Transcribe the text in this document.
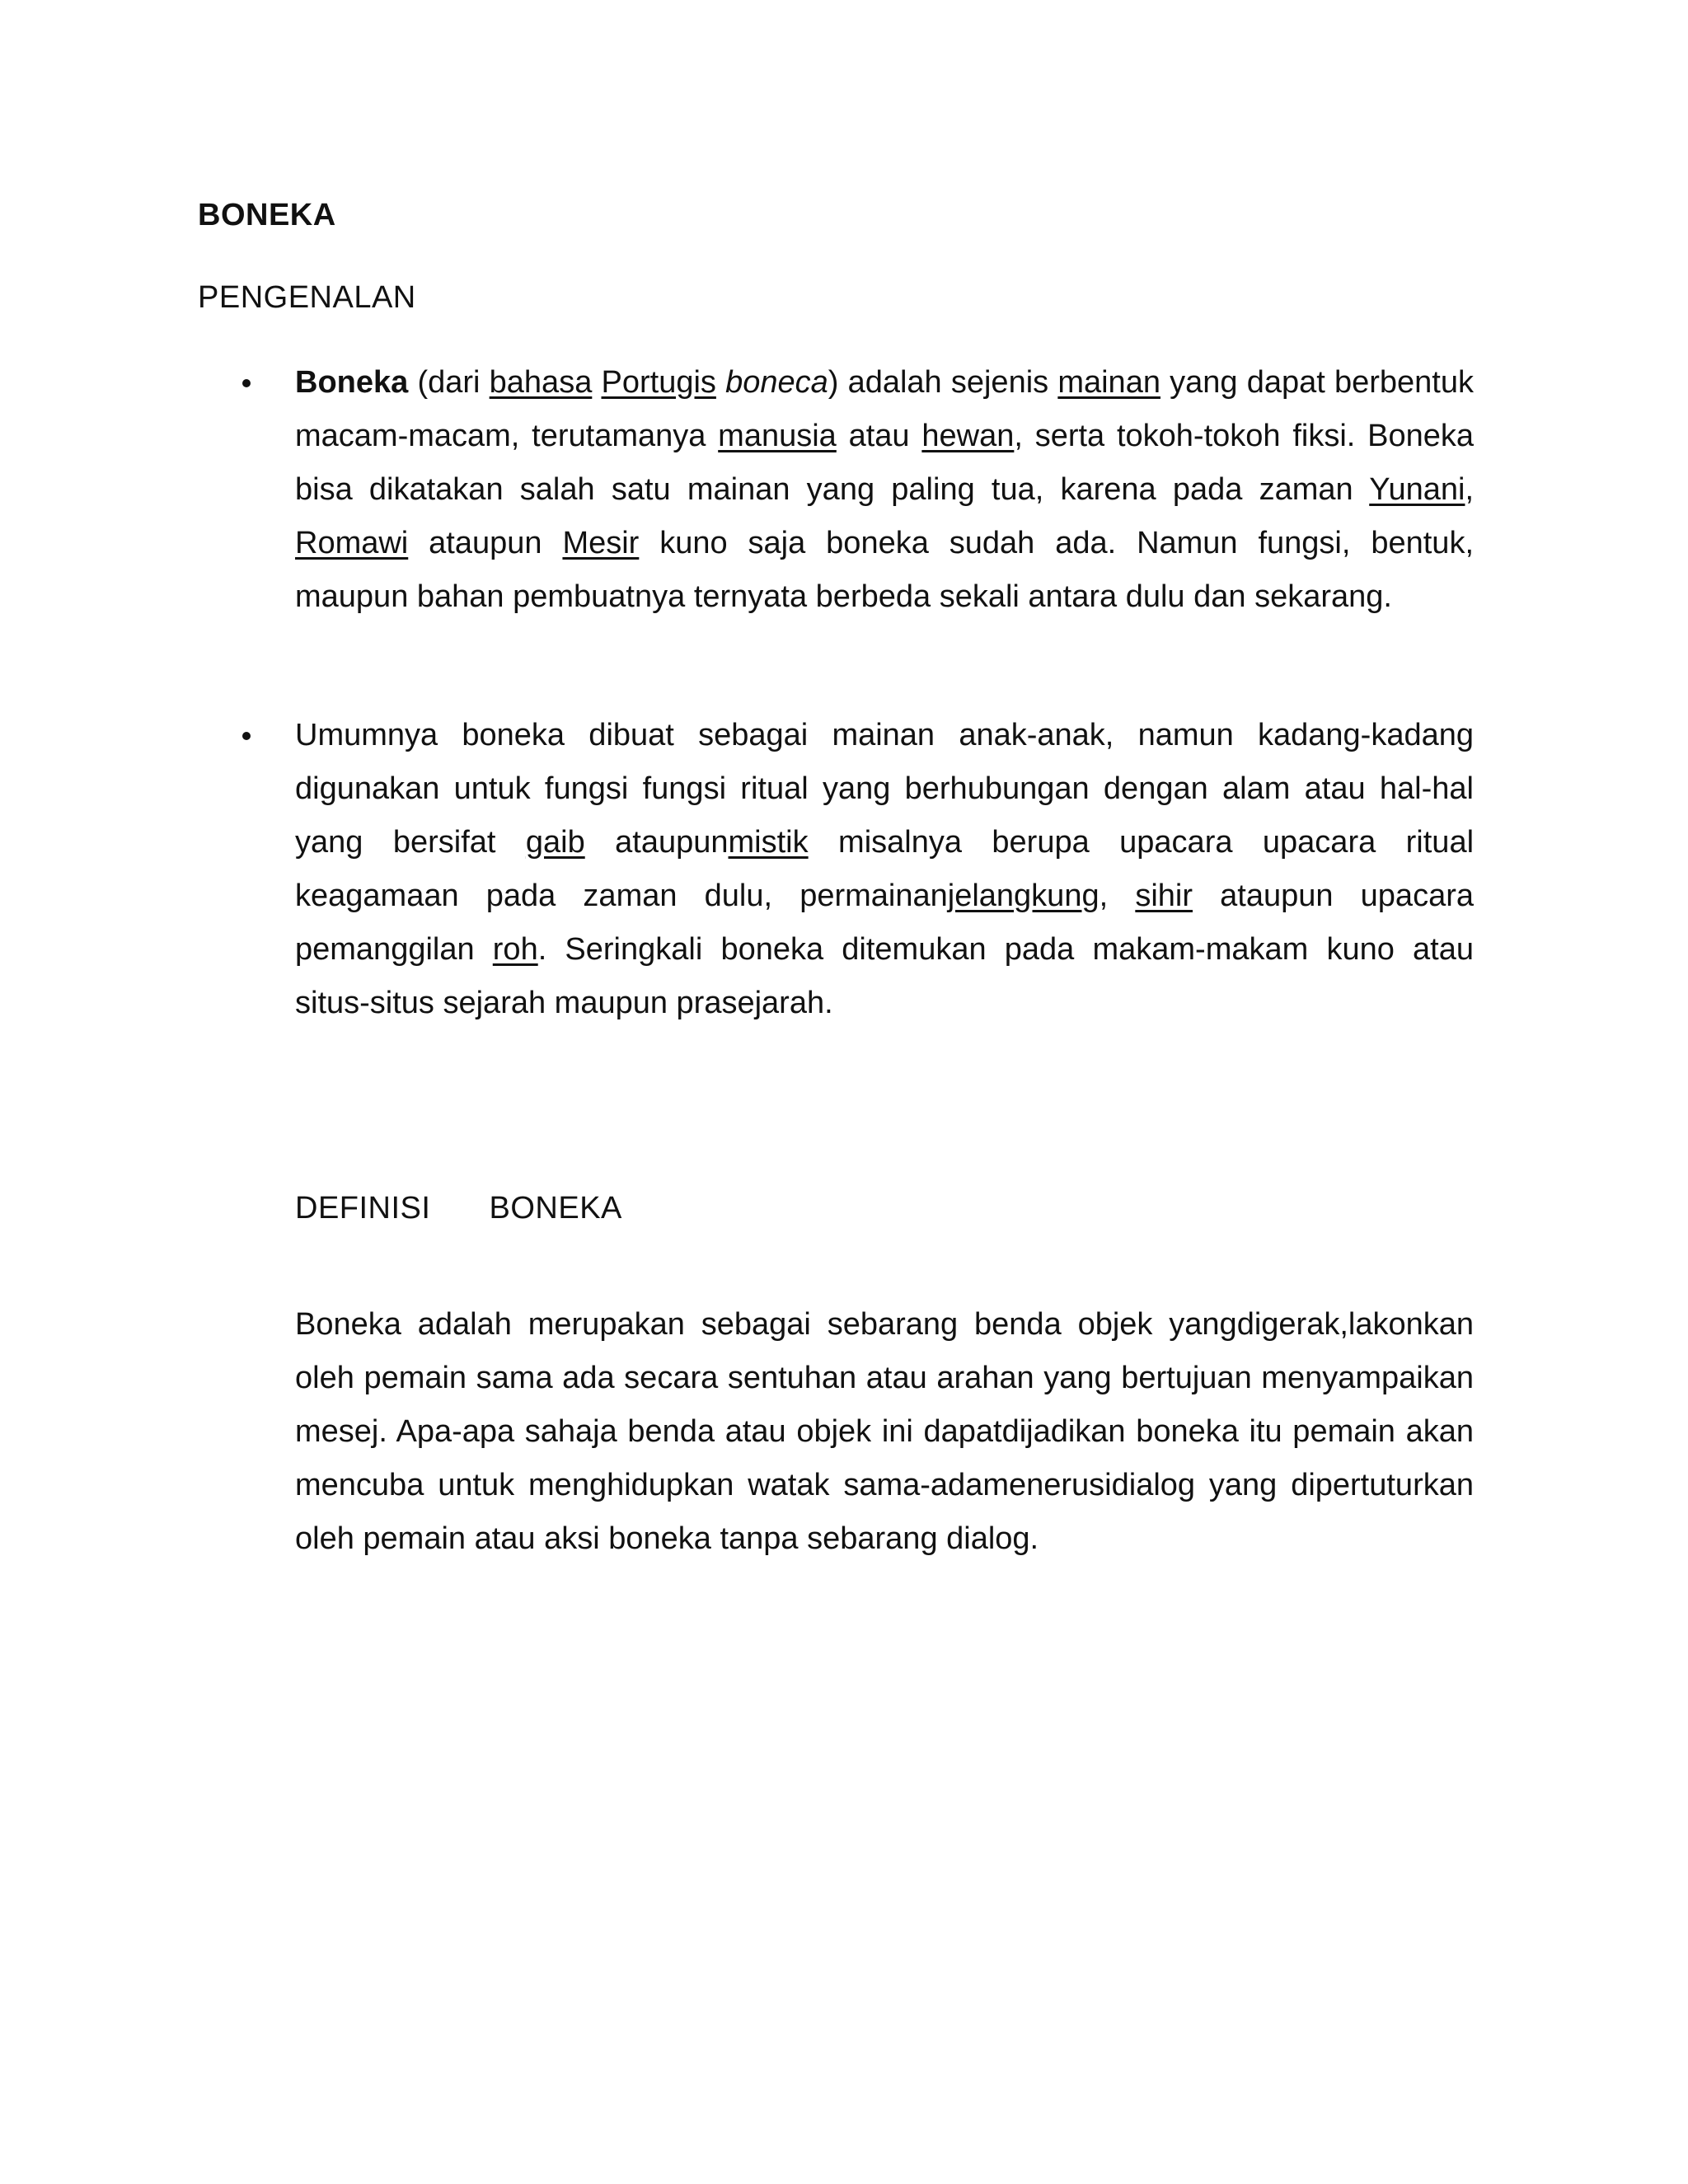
BONEKA
PENGENALAN
Boneka (dari bahasa Portugis boneca) adalah sejenis mainan yang dapat berbentuk macam-macam, terutamanya manusia atau hewan, serta tokoh-tokoh fiksi. Boneka bisa dikatakan salah satu mainan yang paling tua, karena pada zaman Yunani, Romawi ataupun Mesir kuno saja boneka sudah ada. Namun fungsi, bentuk, maupun bahan pembuatnya ternyata berbeda sekali antara dulu dan sekarang.
Umumnya boneka dibuat sebagai mainan anak-anak, namun kadang-kadang digunakan untuk fungsi fungsi ritual yang berhubungan dengan alam atau hal-hal yang bersifat gaib ataupunmistik misalnya berupa upacara upacara ritual keagamaan pada zaman dulu, permainanjelangkung, sihir ataupun upacara pemanggilan roh. Seringkali boneka ditemukan pada makam-makam kuno atau situs-situs sejarah maupun prasejarah.
DEFINISI BONEKA
Boneka adalah merupakan sebagai sebarang benda objek yangdigerak,lakonkan oleh pemain sama ada secara sentuhan atau arahan yang bertujuan menyampaikan mesej. Apa-apa sahaja benda atau objek ini dapatdijadikan boneka itu pemain akan mencuba untuk menghidupkan watak sama-adamenerusidialog yang dipertuturkan oleh pemain atau aksi boneka tanpa sebarang dialog.
